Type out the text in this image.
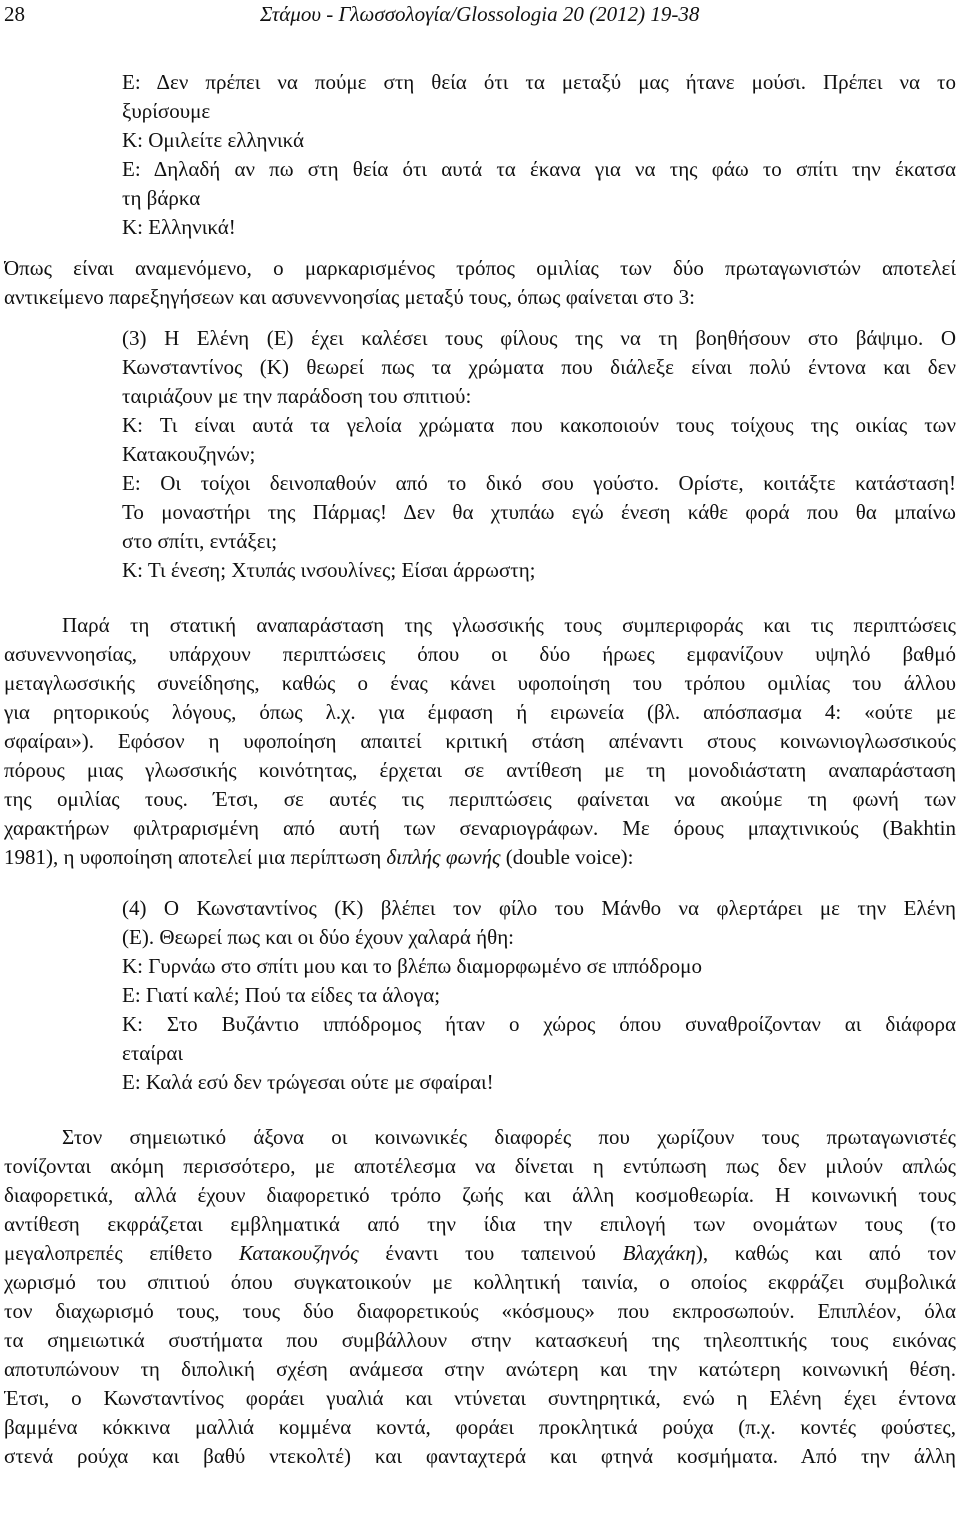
28	Στάμου - Γλωσσολογία/Glossologia 20 (2012) 19-38
Ε: Δεν πρέπει να πούμε στη θεία ότι τα μεταξύ μας ήτανε μούσι. Πρέπει να το
ξυρίσουμε
Κ: Ομιλείτε ελληνικά
Ε: Δηλαδή αν πω στη θεία ότι αυτά τα έκανα για να της φάω το σπίτι την έκατσα
τη βάρκα
Κ: Ελληνικά!
Όπως είναι αναμενόμενο, ο μαρκαρισμένος τρόπος ομιλίας των δύο πρωταγωνιστών αποτελεί
αντικείμενο παρεξηγήσεων και ασυνεννοησίας μεταξύ τους, όπως φαίνεται στο 3:
(3) Η Ελένη (Ε) έχει καλέσει τους φίλους της να τη βοηθήσουν στο βάψιμο. Ο
Κωνσταντίνος (Κ) θεωρεί πως τα χρώματα που διάλεξε είναι πολύ έντονα και δεν
ταιριάζουν με την παράδοση του σπιτιού:
Κ: Τι είναι αυτά τα γελοία χρώματα που κακοποιούν τους τοίχους της οικίας των
Κατακουζηνών;
Ε: Οι τοίχοι δεινοπαθούν από το δικό σου γούστο. Ορίστε, κοιτάξτε κατάσταση!
Το μοναστήρι της Πάρμας! Δεν θα χτυπάω εγώ ένεση κάθε φορά που θα μπαίνω
στο σπίτι, εντάξει;
Κ: Τι ένεση; Χτυπάς ινσουλίνες; Είσαι άρρωστη;
Παρά τη στατική αναπαράσταση της γλωσσικής τους συμπεριφοράς και τις περιπτώσεις
ασυνεννοησίας, υπάρχουν περιπτώσεις όπου οι δύο ήρωες εμφανίζουν υψηλό βαθμό
μεταγλωσσικής συνείδησης, καθώς ο ένας κάνει υφοποίηση του τρόπου ομιλίας του άλλου
για ρητορικούς λόγους, όπως λ.χ. για έμφαση ή ειρωνεία (βλ. απόσπασμα 4: «ούτε με
σφαίραι»). Εφόσον η υφοποίηση απαιτεί κριτική στάση απέναντι στους κοινωνιογλωσσικούς
πόρους μιας γλωσσικής κοινότητας, έρχεται σε αντίθεση με τη μονοδιάστατη αναπαράσταση
της ομιλίας τους. Έτσι, σε αυτές τις περιπτώσεις φαίνεται να ακούμε τη φωνή των
χαρακτήρων φιλτραρισμένη από αυτή των σεναριογράφων. Με όρους μπαχτινικούς (Bakhtin
1981), η υφοποίηση αποτελεί μια περίπτωση διπλής φωνής (double voice):
(4) Ο Κωνσταντίνος (Κ) βλέπει τον φίλο του Μάνθο να φλερτάρει με την Ελένη
(Ε). Θεωρεί πως και οι δύο έχουν χαλαρά ήθη:
Κ: Γυρνάω στο σπίτι μου και το βλέπω διαμορφωμένο σε ιππόδρομο
Ε: Γιατί καλέ; Πού τα είδες τα άλογα;
Κ: Στο Βυζάντιο ιππόδρομος ήταν ο χώρος όπου συναθροίζονταν αι διάφορα
εταίραι
Ε: Καλά εσύ δεν τρώγεσαι ούτε με σφαίραι!
Στον σημειωτικό άξονα οι κοινωνικές διαφορές που χωρίζουν τους πρωταγωνιστές
τονίζονται ακόμη περισσότερο, με αποτέλεσμα να δίνεται η εντύπωση πως δεν μιλούν απλώς
διαφορετικά, αλλά έχουν διαφορετικό τρόπο ζωής και άλλη κοσμοθεωρία. Η κοινωνική τους
αντίθεση εκφράζεται εμβληματικά από την ίδια την επιλογή των ονομάτων τους (το
μεγαλοπρεπές επίθετο Κατακουζηνός έναντι του ταπεινού Βλαχάκη), καθώς και από τον
χωρισμό του σπιτιού όπου συγκατοικούν με κολλητική ταινία, ο οποίος εκφράζει συμβολικά
τον διαχωρισμό τους, τους δύο διαφορετικούς «κόσμους» που εκπροσωπούν. Επιπλέον, όλα
τα σημειωτικά συστήματα που συμβάλλουν στην κατασκευή της τηλεοπτικής τους εικόνας
αποτυπώνουν τη διπολική σχέση ανάμεσα στην ανώτερη και την κατώτερη κοινωνική θέση.
Έτσι, ο Κωνσταντίνος φοράει γυαλιά και ντύνεται συντηρητικά, ενώ η Ελένη έχει έντονα
βαμμένα κόκκινα μαλλιά κομμένα κοντά, φοράει προκλητικά ρούχα (π.χ. κοντές φούστες,
στενά ρούχα και βαθύ ντεκολτέ) και φανταχτερά και φτηνά κοσμήματα. Από την άλλη
